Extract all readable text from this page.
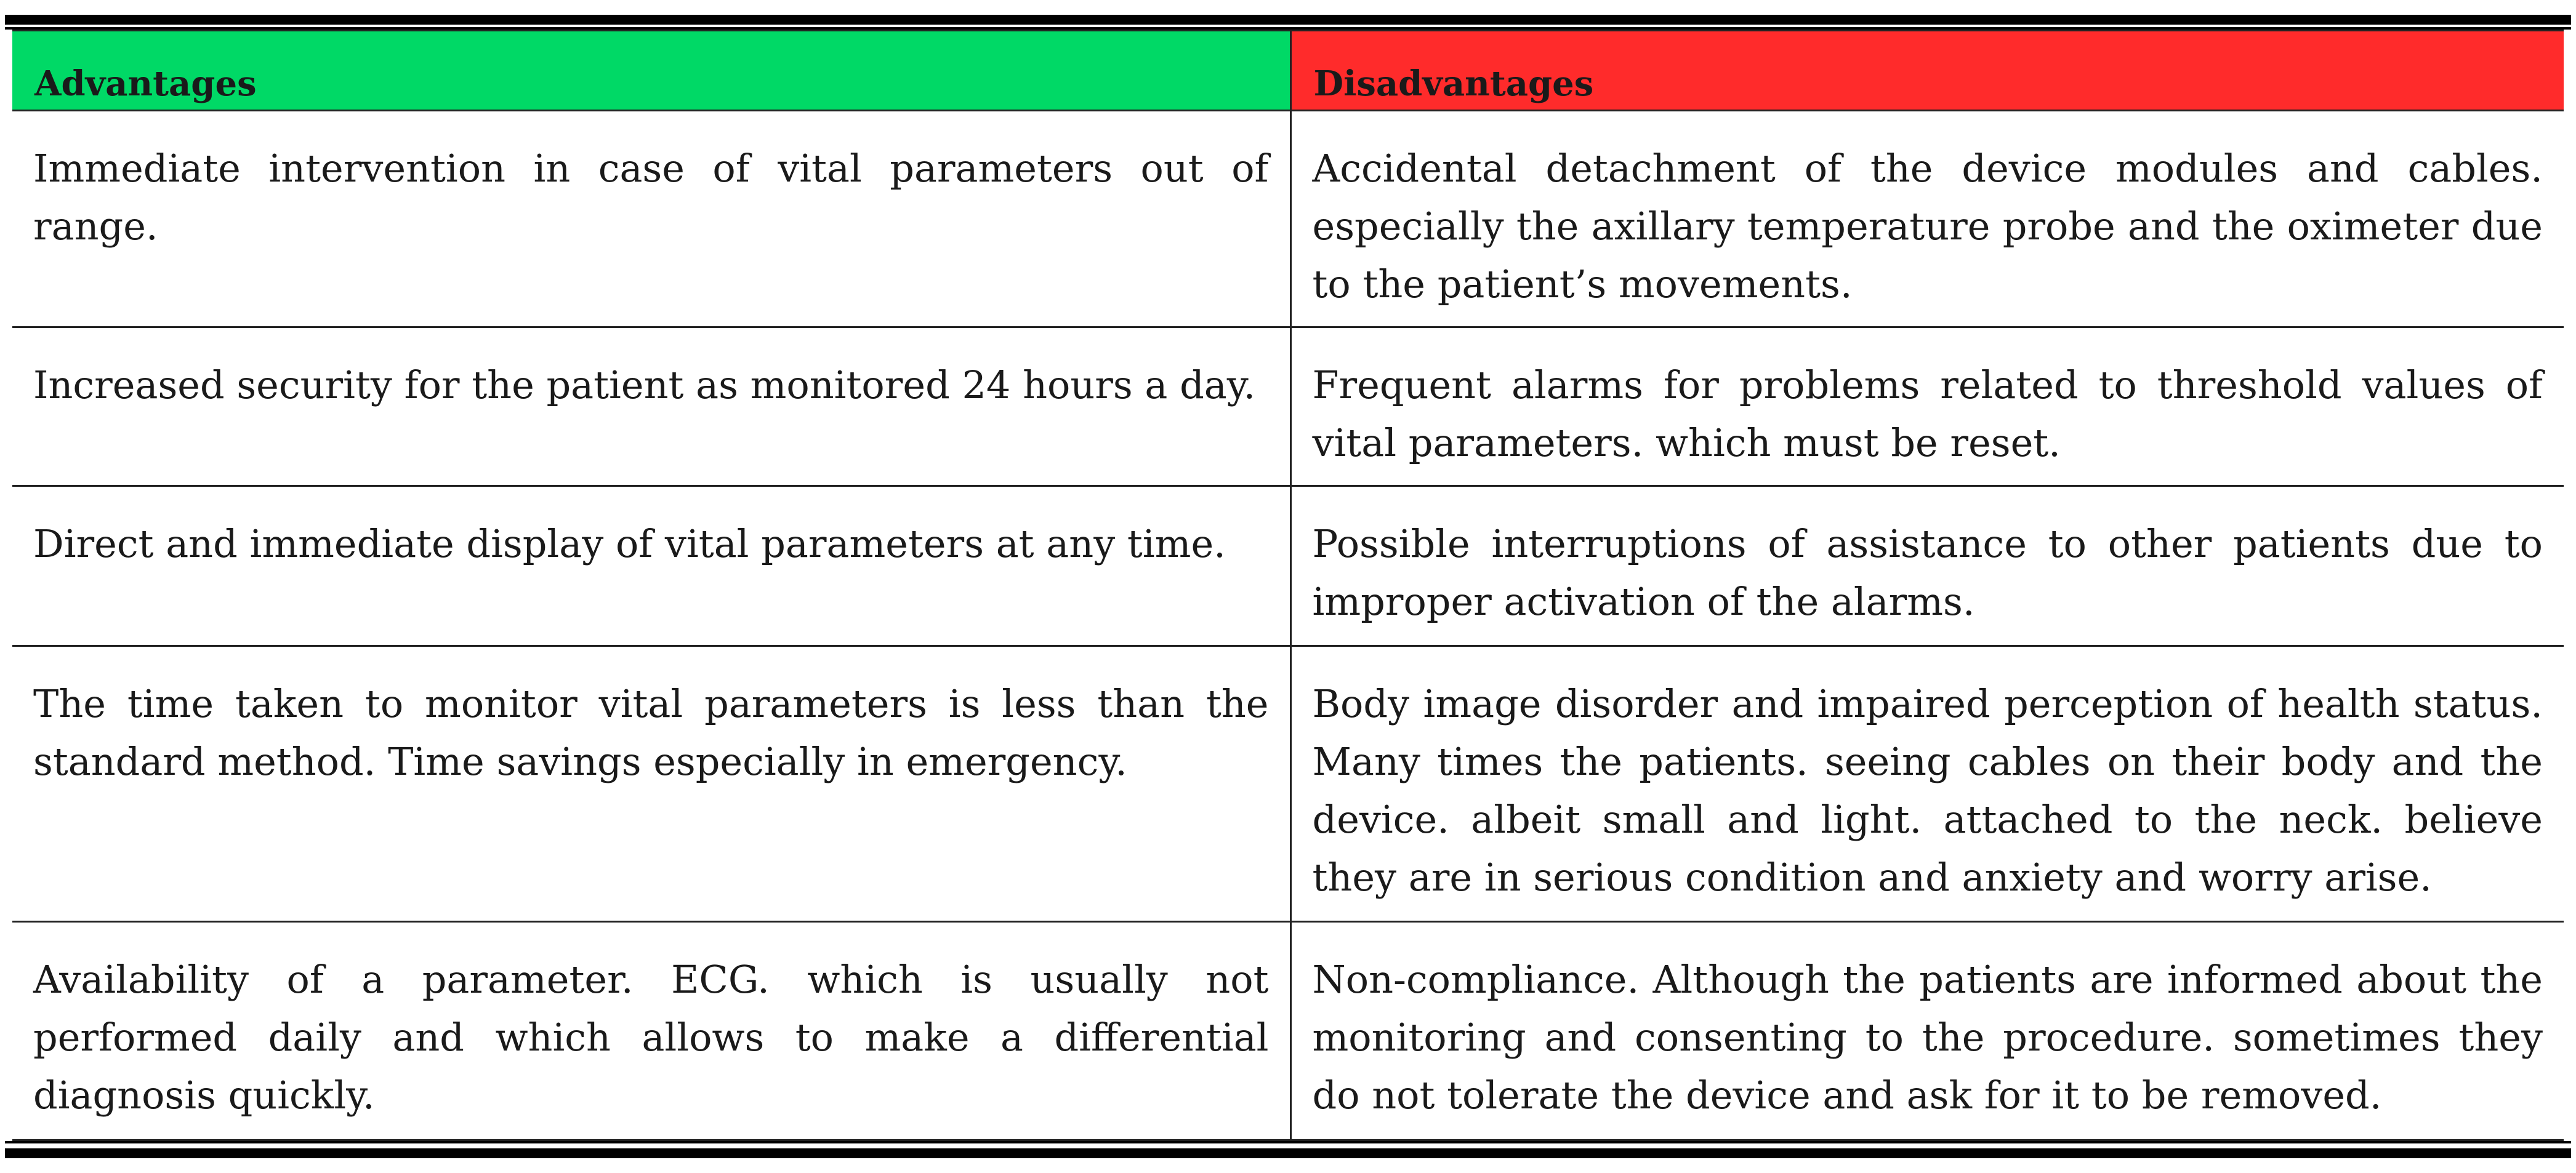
Advantages	Disadvantages
Immediate intervention in case of vital parameters out of range.	Accidental detachment of the device modules and cables. especially the axillary temperature probe and the oximeter due to the patient’s movements.
Increased security for the patient as monitored 24 hours a day.	Frequent alarms for problems related to threshold values of vital parameters. which must be reset.
Direct and immediate display of vital parameters at any time.	Possible interruptions of assistance to other patients due to improper activation of the alarms.
The time taken to monitor vital parameters is less than the standard method. Time savings especially in emergency.	Body image disorder and impaired perception of health status. Many times the patients. seeing cables on their body and the device. albeit small and light. attached to the neck. believe they are in serious condition and anxiety and worry arise.
Availability of a parameter. ECG. which is usually not performed daily and which allows to make a differential diagnosis quickly.	Non-compliance. Although the patients are informed about the monitoring and consenting to the procedure. sometimes they do not tolerate the device and ask for it to be removed.
